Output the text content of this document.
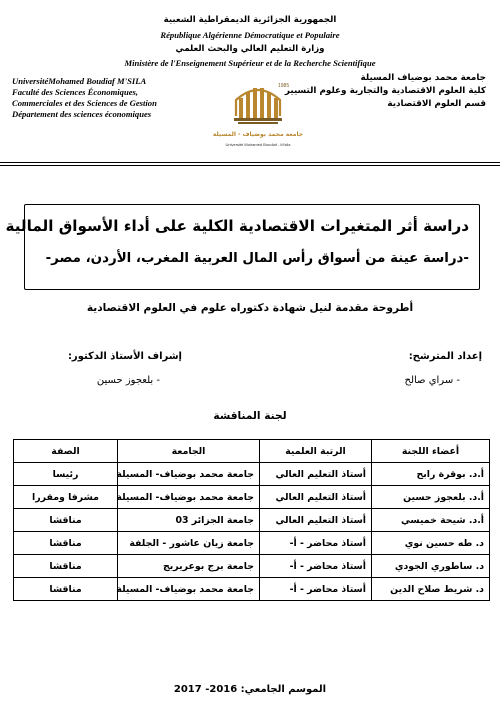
الجمهورية الجزائرية الديمقراطية الشعبية
République Algérienne Démocratique et Populaire
وزارة التعليم العالي والبحث العلمي
Ministère de l'Enseignement Supérieur et de la Recherche Scientifique
UniversitéMohamed Boudiaf M'SILA
Faculté des Sciences Économiques,
Commerciales et des Sciences de Gestion
Département des sciences économiques
جامعة محمد بوضياف المسيلة
كلية العلوم الاقتصادية والتجارية وعلوم التسيير
قسم العلوم الاقتصادية
1985
جامعة محمد بوضياف - المسيلة
Université Mohamed Boudiaf - M'sila
دراسة أثر المتغيرات الاقتصادية الكلية على أداء الأسواق المالية
-دراسة عينة من أسواق رأس المال العربية المغرب، الأردن، مصر-
أطروحة مقدمة لنيل شهادة دكتوراه علوم في العلوم الاقتصادية
إعداد المترشح:
- سراي صالح
إشراف الأستاذ الدكتور:
- بلعجوز حسين
لجنة المناقشة
أعضاء اللجنة	الرتبة العلمية	الجامعة	الصفة
أ.د. بوقرة رابح	أستاذ التعليم العالي	جامعة محمد بوضياف- المسيلة	رئيسا
أ.د. بلعجوز حسين	أستاذ التعليم العالي	جامعة محمد بوضياف- المسيلة	مشرفا ومقررا
أ.د. شيحة خميسي	أستاذ التعليم العالي	جامعة الجزائر 03	مناقشا
د. طه حسين نوي	أستاذ محاضر - أ-	جامعة زيان عاشور - الجلفة	مناقشا
د. ساطوري الجودي	أستاذ محاضر - أ-	جامعة برج بوعريريج	مناقشا
د. شريط صلاح الدين	أستاذ محاضر - أ-	جامعة محمد بوضياف- المسيلة	مناقشا
الموسم الجامعي: 2016- 2017
